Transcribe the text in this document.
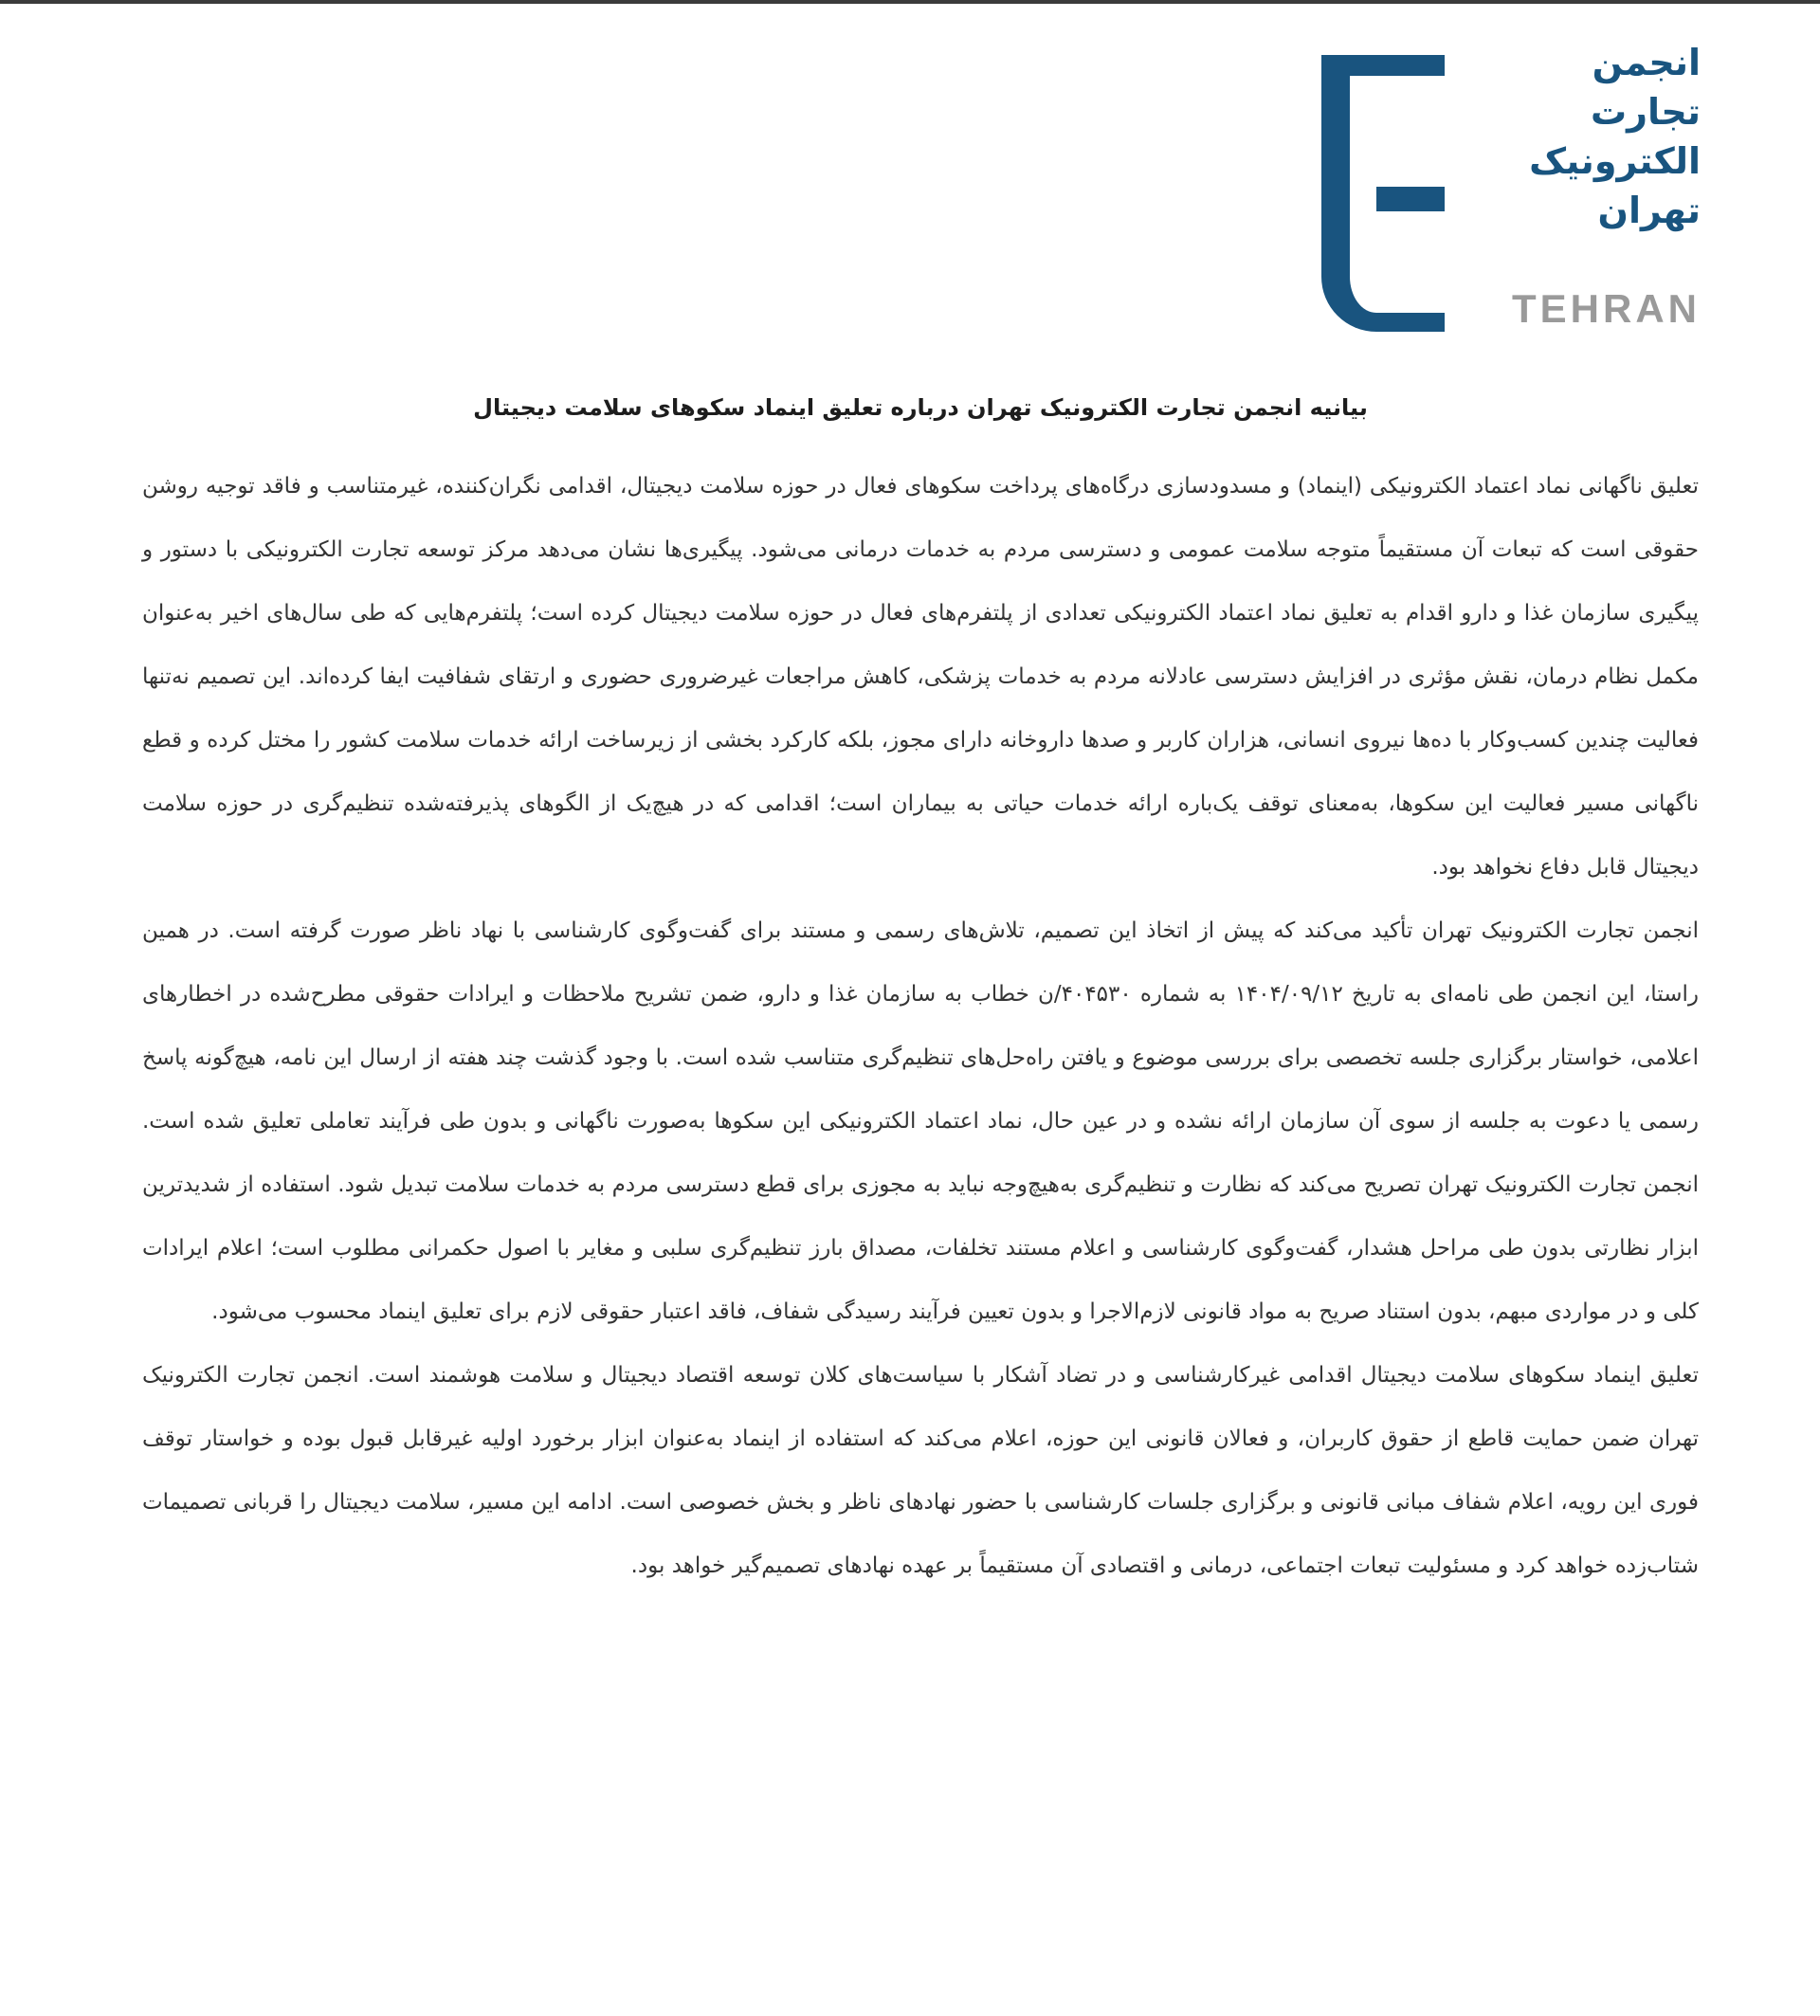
انجمن
تجارت
الکترونیک
تهران
TEHRAN
بیانیه انجمن تجارت الکترونیک تهران درباره تعلیق اینماد سکوهای سلامت دیجیتال

تعلیق ناگهانی نماد اعتماد الکترونیکی (اینماد) و مسدودسازی درگاه‌های پرداخت سکوهای فعال در حوزه سلامت دیجیتال، اقدامی نگران‌کننده، غیرمتناسب و فاقد توجیه روشن حقوقی است که تبعات آن مستقیماً متوجه سلامت عمومی و دسترسی مردم به خدمات درمانی می‌شود. پیگیری‌ها نشان می‌دهد مرکز توسعه تجارت الکترونیکی با دستور و پیگیری سازمان غذا و دارو اقدام به تعلیق نماد اعتماد الکترونیکی تعدادی از پلتفرم‌های فعال در حوزه سلامت دیجیتال کرده است؛ پلتفرم‌هایی که طی سال‌های اخیر به‌عنوان مکمل نظام درمان، نقش مؤثری در افزایش دسترسی عادلانه مردم به خدمات پزشکی، کاهش مراجعات غیرضروری حضوری و ارتقای شفافیت ایفا کرده‌اند. این تصمیم نه‌تنها فعالیت چندین کسب‌وکار با ده‌ها نیروی انسانی، هزاران کاربر و صدها داروخانه دارای مجوز، بلکه کارکرد بخشی از زیرساخت ارائه خدمات سلامت کشور را مختل کرده و قطع ناگهانی مسیر فعالیت این سکوها، به‌معنای توقف یک‌باره ارائه خدمات حیاتی به بیماران است؛ اقدامی که در هیچ‌یک از الگوهای پذیرفته‌شده تنظیم‌گری در حوزه سلامت دیجیتال قابل دفاع نخواهد بود.

انجمن تجارت الکترونیک تهران تأکید می‌کند که پیش از اتخاذ این تصمیم، تلاش‌های رسمی و مستند برای گفت‌وگوی کارشناسی با نهاد ناظر صورت گرفته است. در همین راستا، این انجمن طی نامه‌ای به تاریخ ۱۴۰۴/۰۹/۱۲ به شماره ۴۰۴۵۳۰/ن خطاب به سازمان غذا و دارو، ضمن تشریح ملاحظات و ایرادات حقوقی مطرح‌شده در اخطارهای اعلامی، خواستار برگزاری جلسه تخصصی برای بررسی موضوع و یافتن راه‌حل‌های تنظیم‌گری متناسب شده است. با وجود گذشت چند هفته از ارسال این نامه، هیچ‌گونه پاسخ رسمی یا دعوت به جلسه از سوی آن سازمان ارائه نشده و در عین حال، نماد اعتماد الکترونیکی این سکوها به‌صورت ناگهانی و بدون طی فرآیند تعاملی تعلیق شده است. انجمن تجارت الکترونیک تهران تصریح می‌کند که نظارت و تنظیم‌گری به‌هیچ‌وجه نباید به مجوزی برای قطع دسترسی مردم به خدمات سلامت تبدیل شود. استفاده از شدیدترین ابزار نظارتی بدون طی مراحل هشدار، گفت‌وگوی کارشناسی و اعلام مستند تخلفات، مصداق بارز تنظیم‌گری سلبی و مغایر با اصول حکمرانی مطلوب است؛ اعلام ایرادات کلی و در مواردی مبهم، بدون استناد صریح به مواد قانونی لازم‌الاجرا و بدون تعیین فرآیند رسیدگی شفاف، فاقد اعتبار حقوقی لازم برای تعلیق اینماد محسوب می‌شود.

تعلیق اینماد سکوهای سلامت دیجیتال اقدامی غیرکارشناسی و در تضاد آشکار با سیاست‌های کلان توسعه اقتصاد دیجیتال و سلامت هوشمند است. انجمن تجارت الکترونیک تهران ضمن حمایت قاطع از حقوق کاربران، و فعالان قانونی این حوزه، اعلام می‌کند که استفاده از اینماد به‌عنوان ابزار برخورد اولیه غیرقابل قبول بوده و خواستار توقف فوری این رویه، اعلام شفاف مبانی قانونی و برگزاری جلسات کارشناسی با حضور نهادهای ناظر و بخش خصوصی است. ادامه این مسیر، سلامت دیجیتال را قربانی تصمیمات شتاب‌زده خواهد کرد و مسئولیت تبعات اجتماعی، درمانی و اقتصادی آن مستقیماً بر عهده نهادهای تصمیم‌گیر خواهد بود.
